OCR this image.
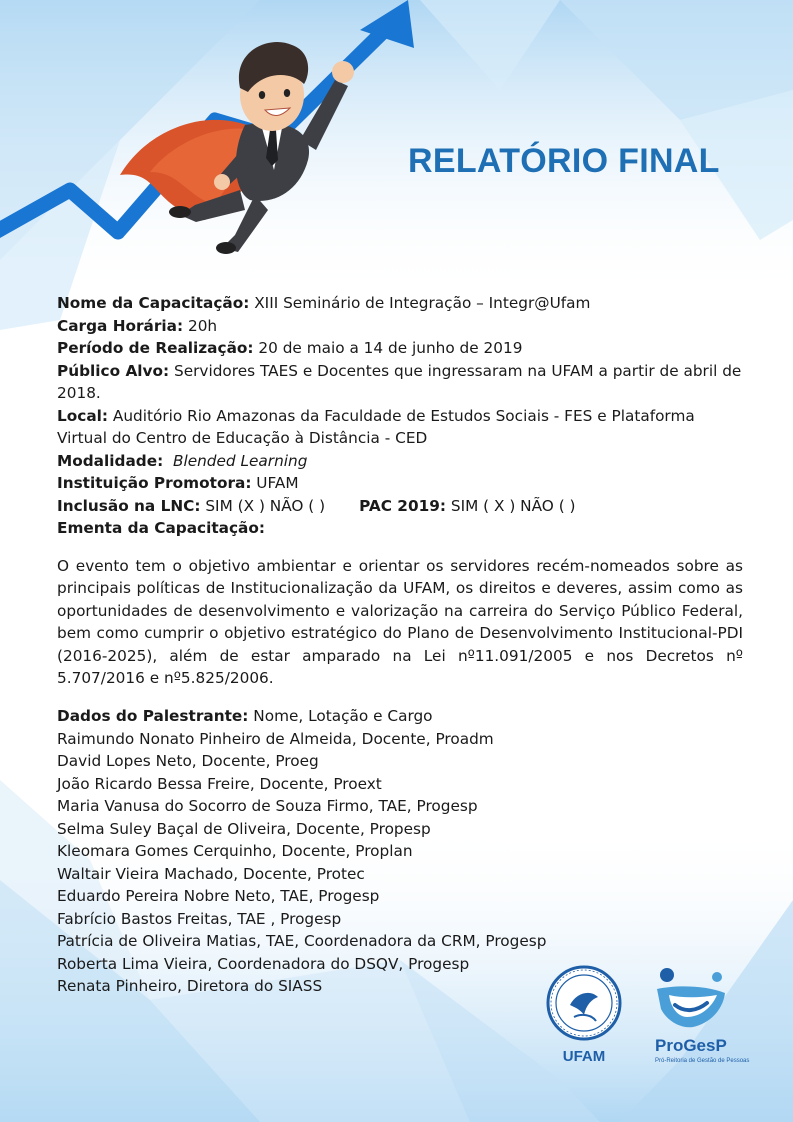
RELATÓRIO FINAL

Nome da Capacitação: XIII Seminário de Integração – Integr@Ufam

Carga Horária: 20h

Período de Realização: 20 de maio a 14 de junho de 2019

Público Alvo: Servidores TAES e Docentes que ingressaram na UFAM a partir de abril de 2018.

Local: Auditório Rio Amazonas da Faculdade de Estudos Sociais - FES e Plataforma Virtual do Centro de Educação à Distância - CED

Modalidade: Blended Learning

Instituição Promotora: UFAM

Inclusão na LNC: SIM (X ) NÃO ( ) PAC 2019: SIM ( X ) NÃO ( )

Ementa da Capacitação:

O evento tem o objetivo ambientar e orientar os servidores recém-nomeados sobre as principais políticas de Institucionalização da UFAM, os direitos e deveres, assim como as oportunidades de desenvolvimento e valorização na carreira do Serviço Público Federal, bem como cumprir o objetivo estratégico do Plano de Desenvolvimento Institucional-PDI (2016-2025), além de estar amparado na Lei nº11.091/2005 e nos Decretos nº 5.707/2016 e nº5.825/2006.

Dados do Palestrante: Nome, Lotação e Cargo

Raimundo Nonato Pinheiro de Almeida, Docente, Proadm

David Lopes Neto, Docente, Proeg

João Ricardo Bessa Freire, Docente, Proext

Maria Vanusa do Socorro de Souza Firmo, TAE, Progesp

Selma Suley Baçal de Oliveira, Docente, Propesp

Kleomara Gomes Cerquinho, Docente, Proplan

Waltair Vieira Machado, Docente, Protec

Eduardo Pereira Nobre Neto, TAE, Progesp

Fabrício Bastos Freitas, TAE , Progesp

Patrícia de Oliveira Matias, TAE, Coordenadora da CRM, Progesp

Roberta Lima Vieira, Coordenadora do DSQV, Progesp

Renata Pinheiro, Diretora do SIASS

UFAM
ProGesP
Pró-Reitoria de Gestão de Pessoas
